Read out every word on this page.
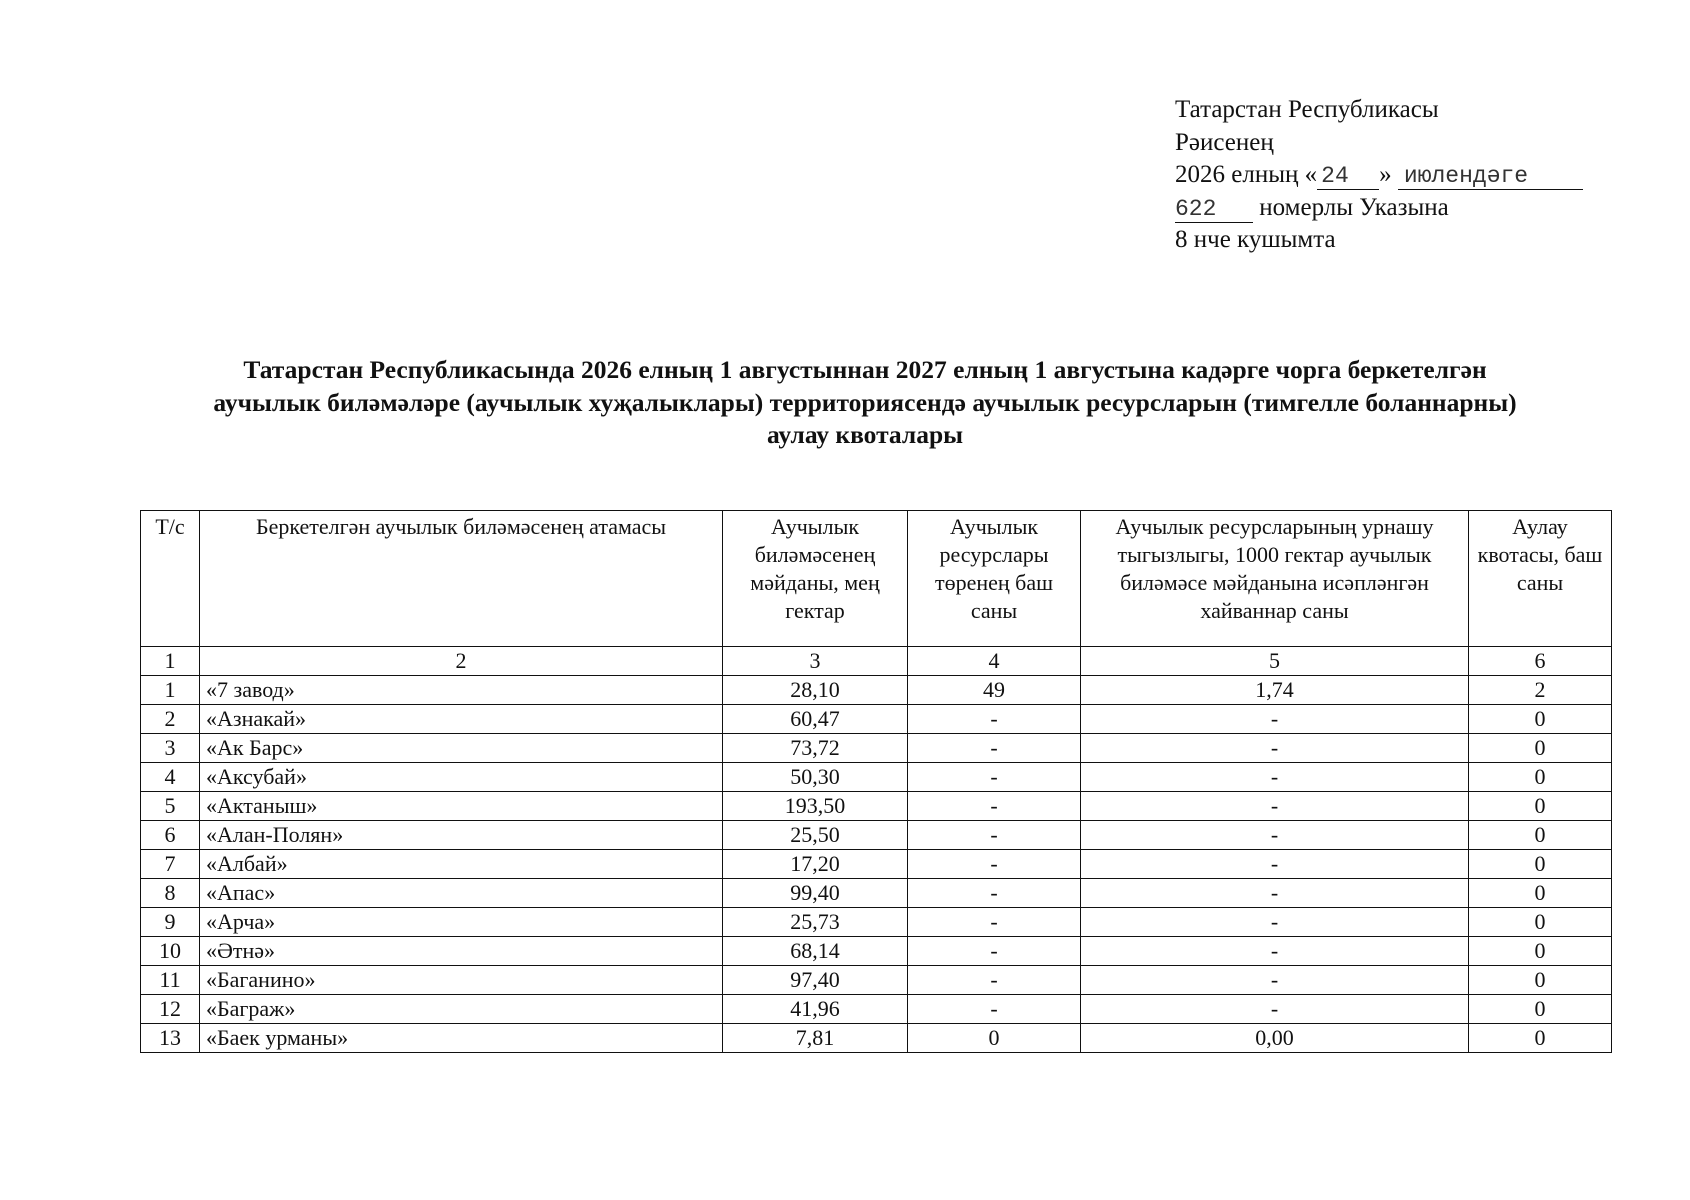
Татарстан Республикасы
Рәисенең
2026 елның « 24 » июлендәге
622 номерлы Указына
8 нче кушымта
Татарстан Республикасында 2026 елның 1 августыннан 2027 елның 1 августына кадәрге чорга беркетелгән
аучылык биләмәләре (аучылык хуҗалыклары) территориясендә аучылык ресурсларын (тимгелле боланнарны)
аулау квоталары
Т/с	Беркетелгән аучылык биләмәсенең атамасы	Аучылык биләмәсенең мәйданы, мең гектар	Аучылык ресурслары төренең баш саны	Аучылык ресурсларының урнашу тыгызлыгы, 1000 гектар аучылык биләмәсе мәйданына исәпләнгән хайваннар саны	Аулау квотасы, баш саны
1	2	3	4	5	6
1	«7 завод»	28,10	49	1,74	2
2	«Азнакай»	60,47	-	-	0
3	«Ак Барс»	73,72	-	-	0
4	«Аксубай»	50,30	-	-	0
5	«Актаныш»	193,50	-	-	0
6	«Алан-Полян»	25,50	-	-	0
7	«Албай»	17,20	-	-	0
8	«Апас»	99,40	-	-	0
9	«Арча»	25,73	-	-	0
10	«Әтнә»	68,14	-	-	0
11	«Баганино»	97,40	-	-	0
12	«Баграж»	41,96	-	-	0
13	«Баек урманы»	7,81	0	0,00	0
